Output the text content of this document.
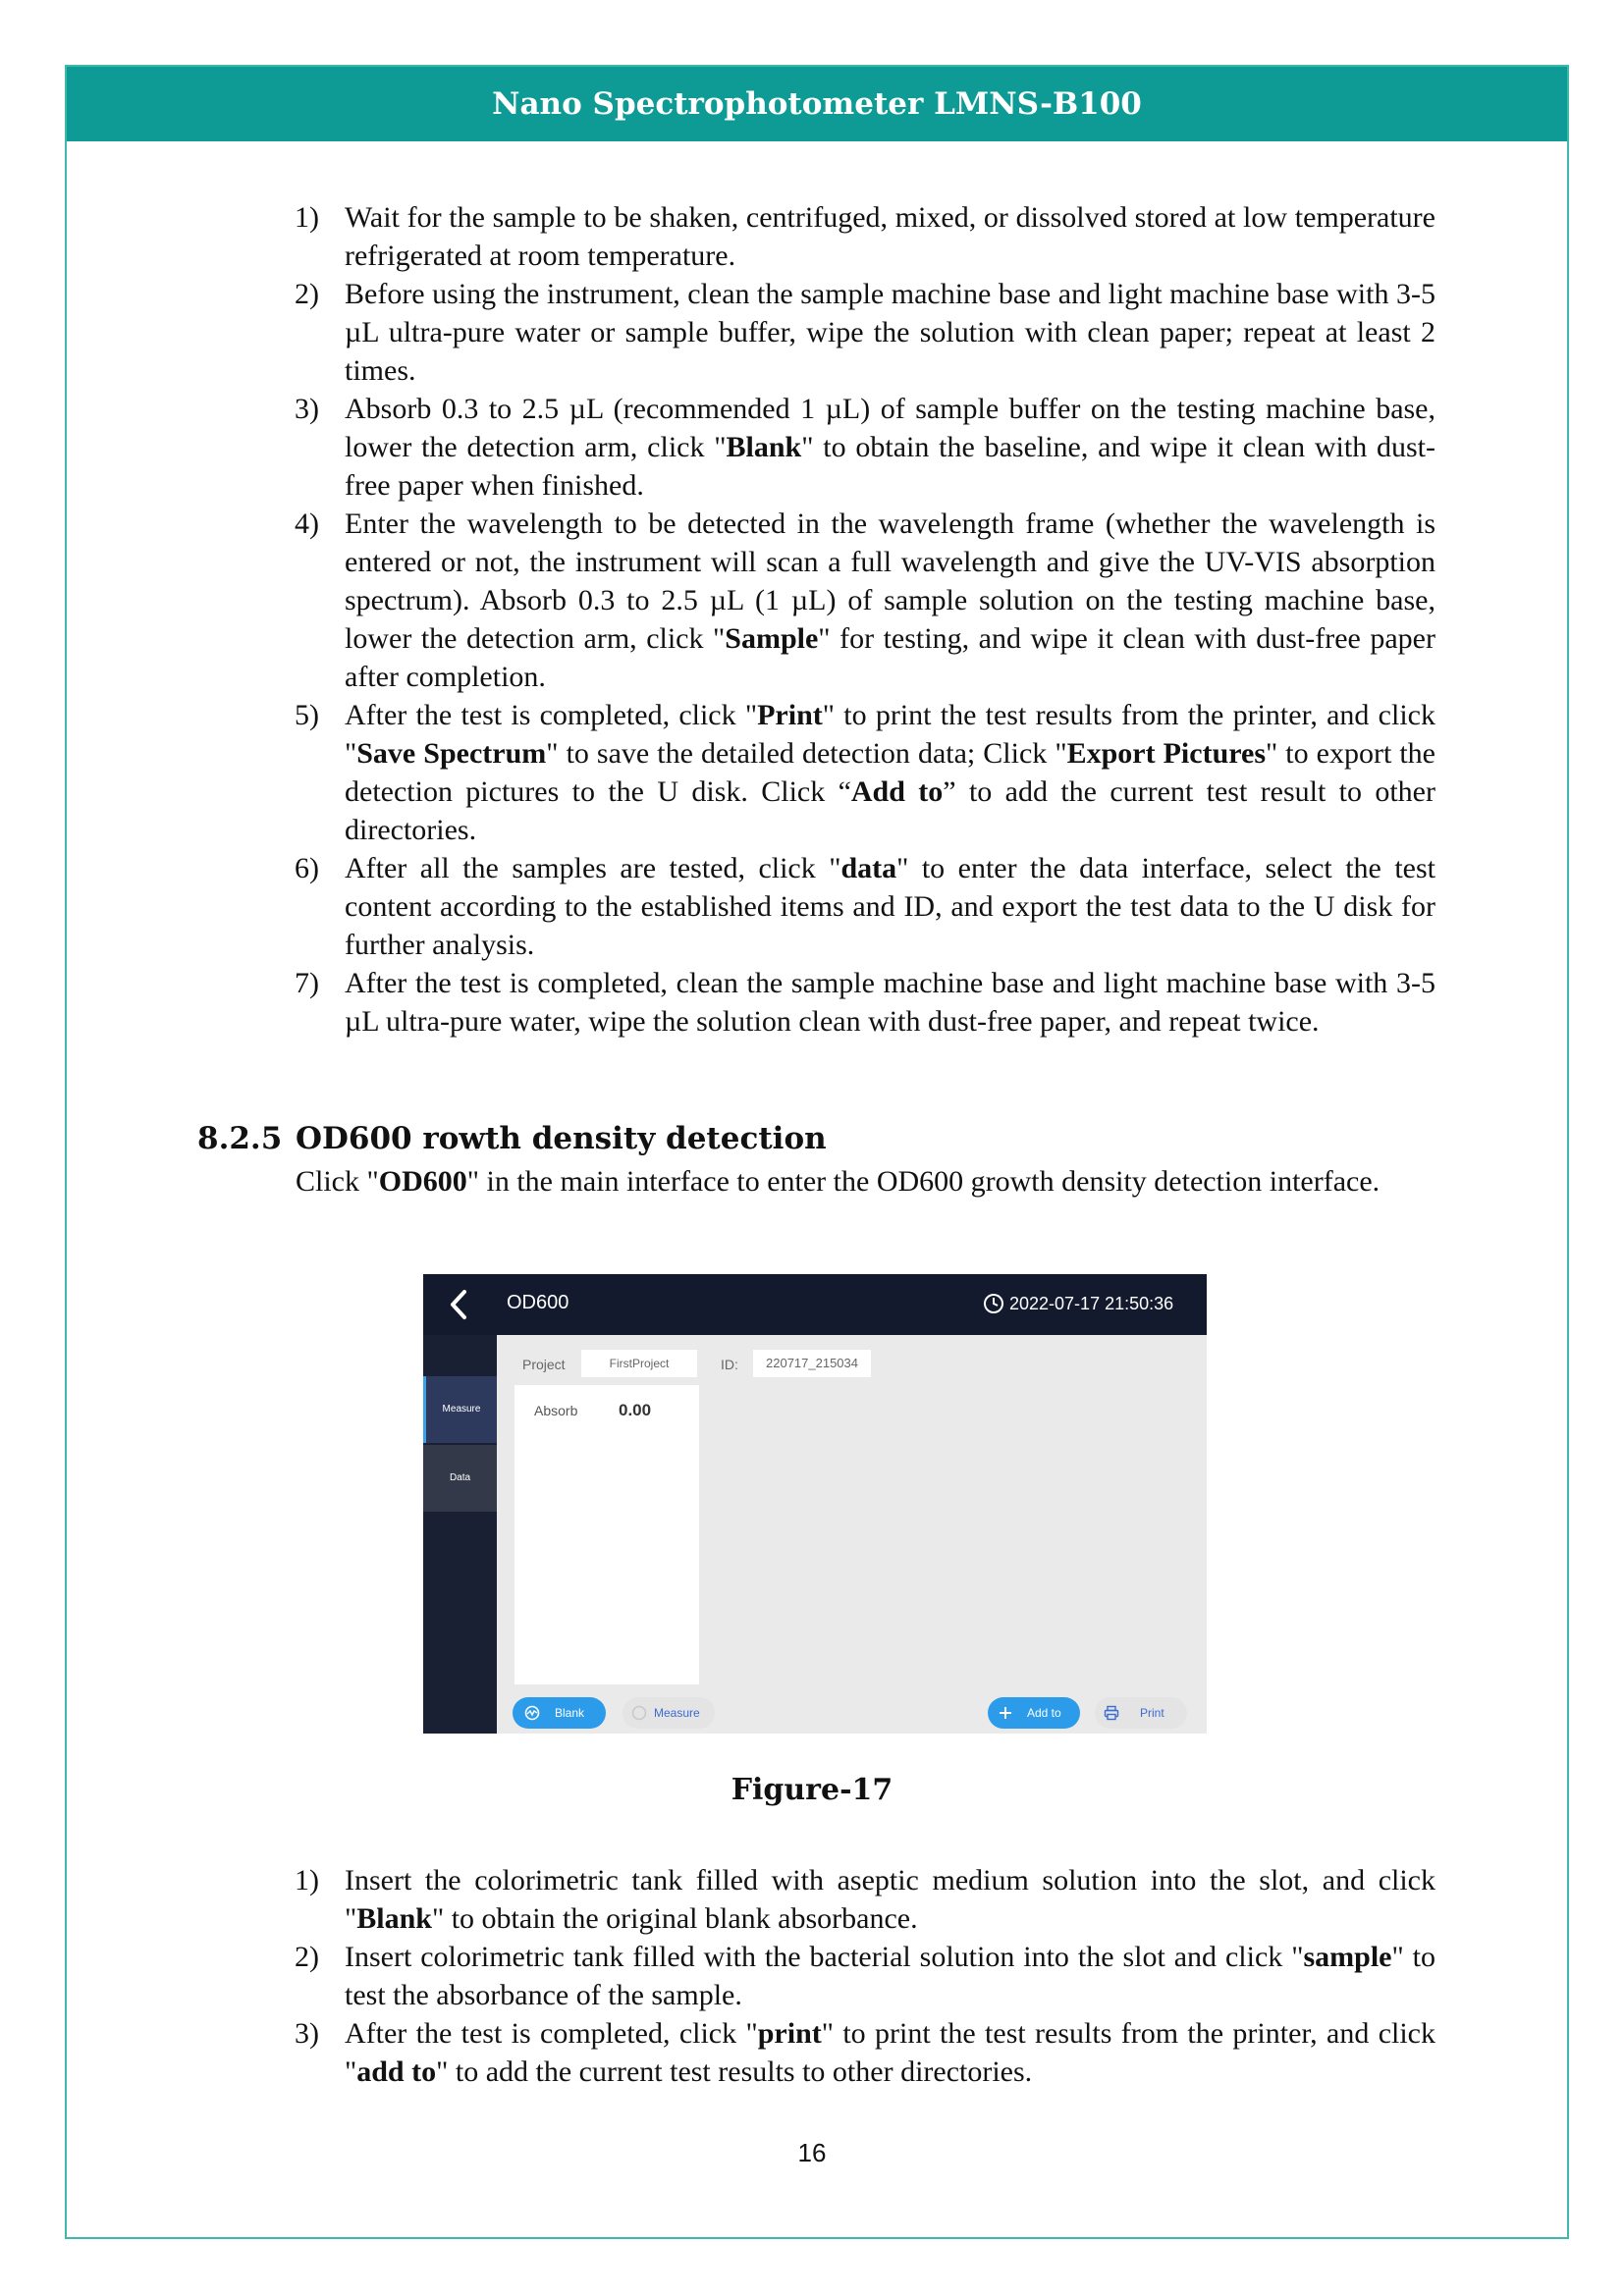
Nano Spectrophotometer LMNS-B100
1) Wait for the sample to be shaken, centrifuged, mixed, or dissolved stored at low temperature refrigerated at room temperature.
2) Before using the instrument, clean the sample machine base and light machine base with 3-5 µL ultra-pure water or sample buffer, wipe the solution with clean paper; repeat at least 2 times.
3) Absorb 0.3 to 2.5 µL (recommended 1 µL) of sample buffer on the testing machine base, lower the detection arm, click "Blank" to obtain the baseline, and wipe it clean with dust-free paper when finished.
4) Enter the wavelength to be detected in the wavelength frame (whether the wavelength is entered or not, the instrument will scan a full wavelength and give the UV-VIS absorption spectrum). Absorb 0.3 to 2.5 µL (1 µL) of sample solution on the testing machine base, lower the detection arm, click "Sample" for testing, and wipe it clean with dust-free paper after completion.
5) After the test is completed, click "Print" to print the test results from the printer, and click "Save Spectrum" to save the detailed detection data; Click "Export Pictures" to export the detection pictures to the U disk. Click “Add to” to add the current test result to other directories.
6) After all the samples are tested, click "data" to enter the data interface, select the test content according to the established items and ID, and export the test data to the U disk for further analysis.
7) After the test is completed, clean the sample machine base and light machine base with 3-5 µL ultra-pure water, wipe the solution clean with dust-free paper, and repeat twice.
8.2.5 OD600 rowth density detection
Click "OD600" in the main interface to enter the OD600 growth density detection interface.
OD600	2022-07-17 21:50:36
Measure
Data
Project	FirstProject	ID:	220717_215034
Absorb 0.00
Blank	Measure	Add to	Print
Figure-17
1) Insert the colorimetric tank filled with aseptic medium solution into the slot, and click "Blank" to obtain the original blank absorbance.
2) Insert colorimetric tank filled with the bacterial solution into the slot and click "sample" to test the absorbance of the sample.
3) After the test is completed, click "print" to print the test results from the printer, and click "add to" to add the current test results to other directories.
16
